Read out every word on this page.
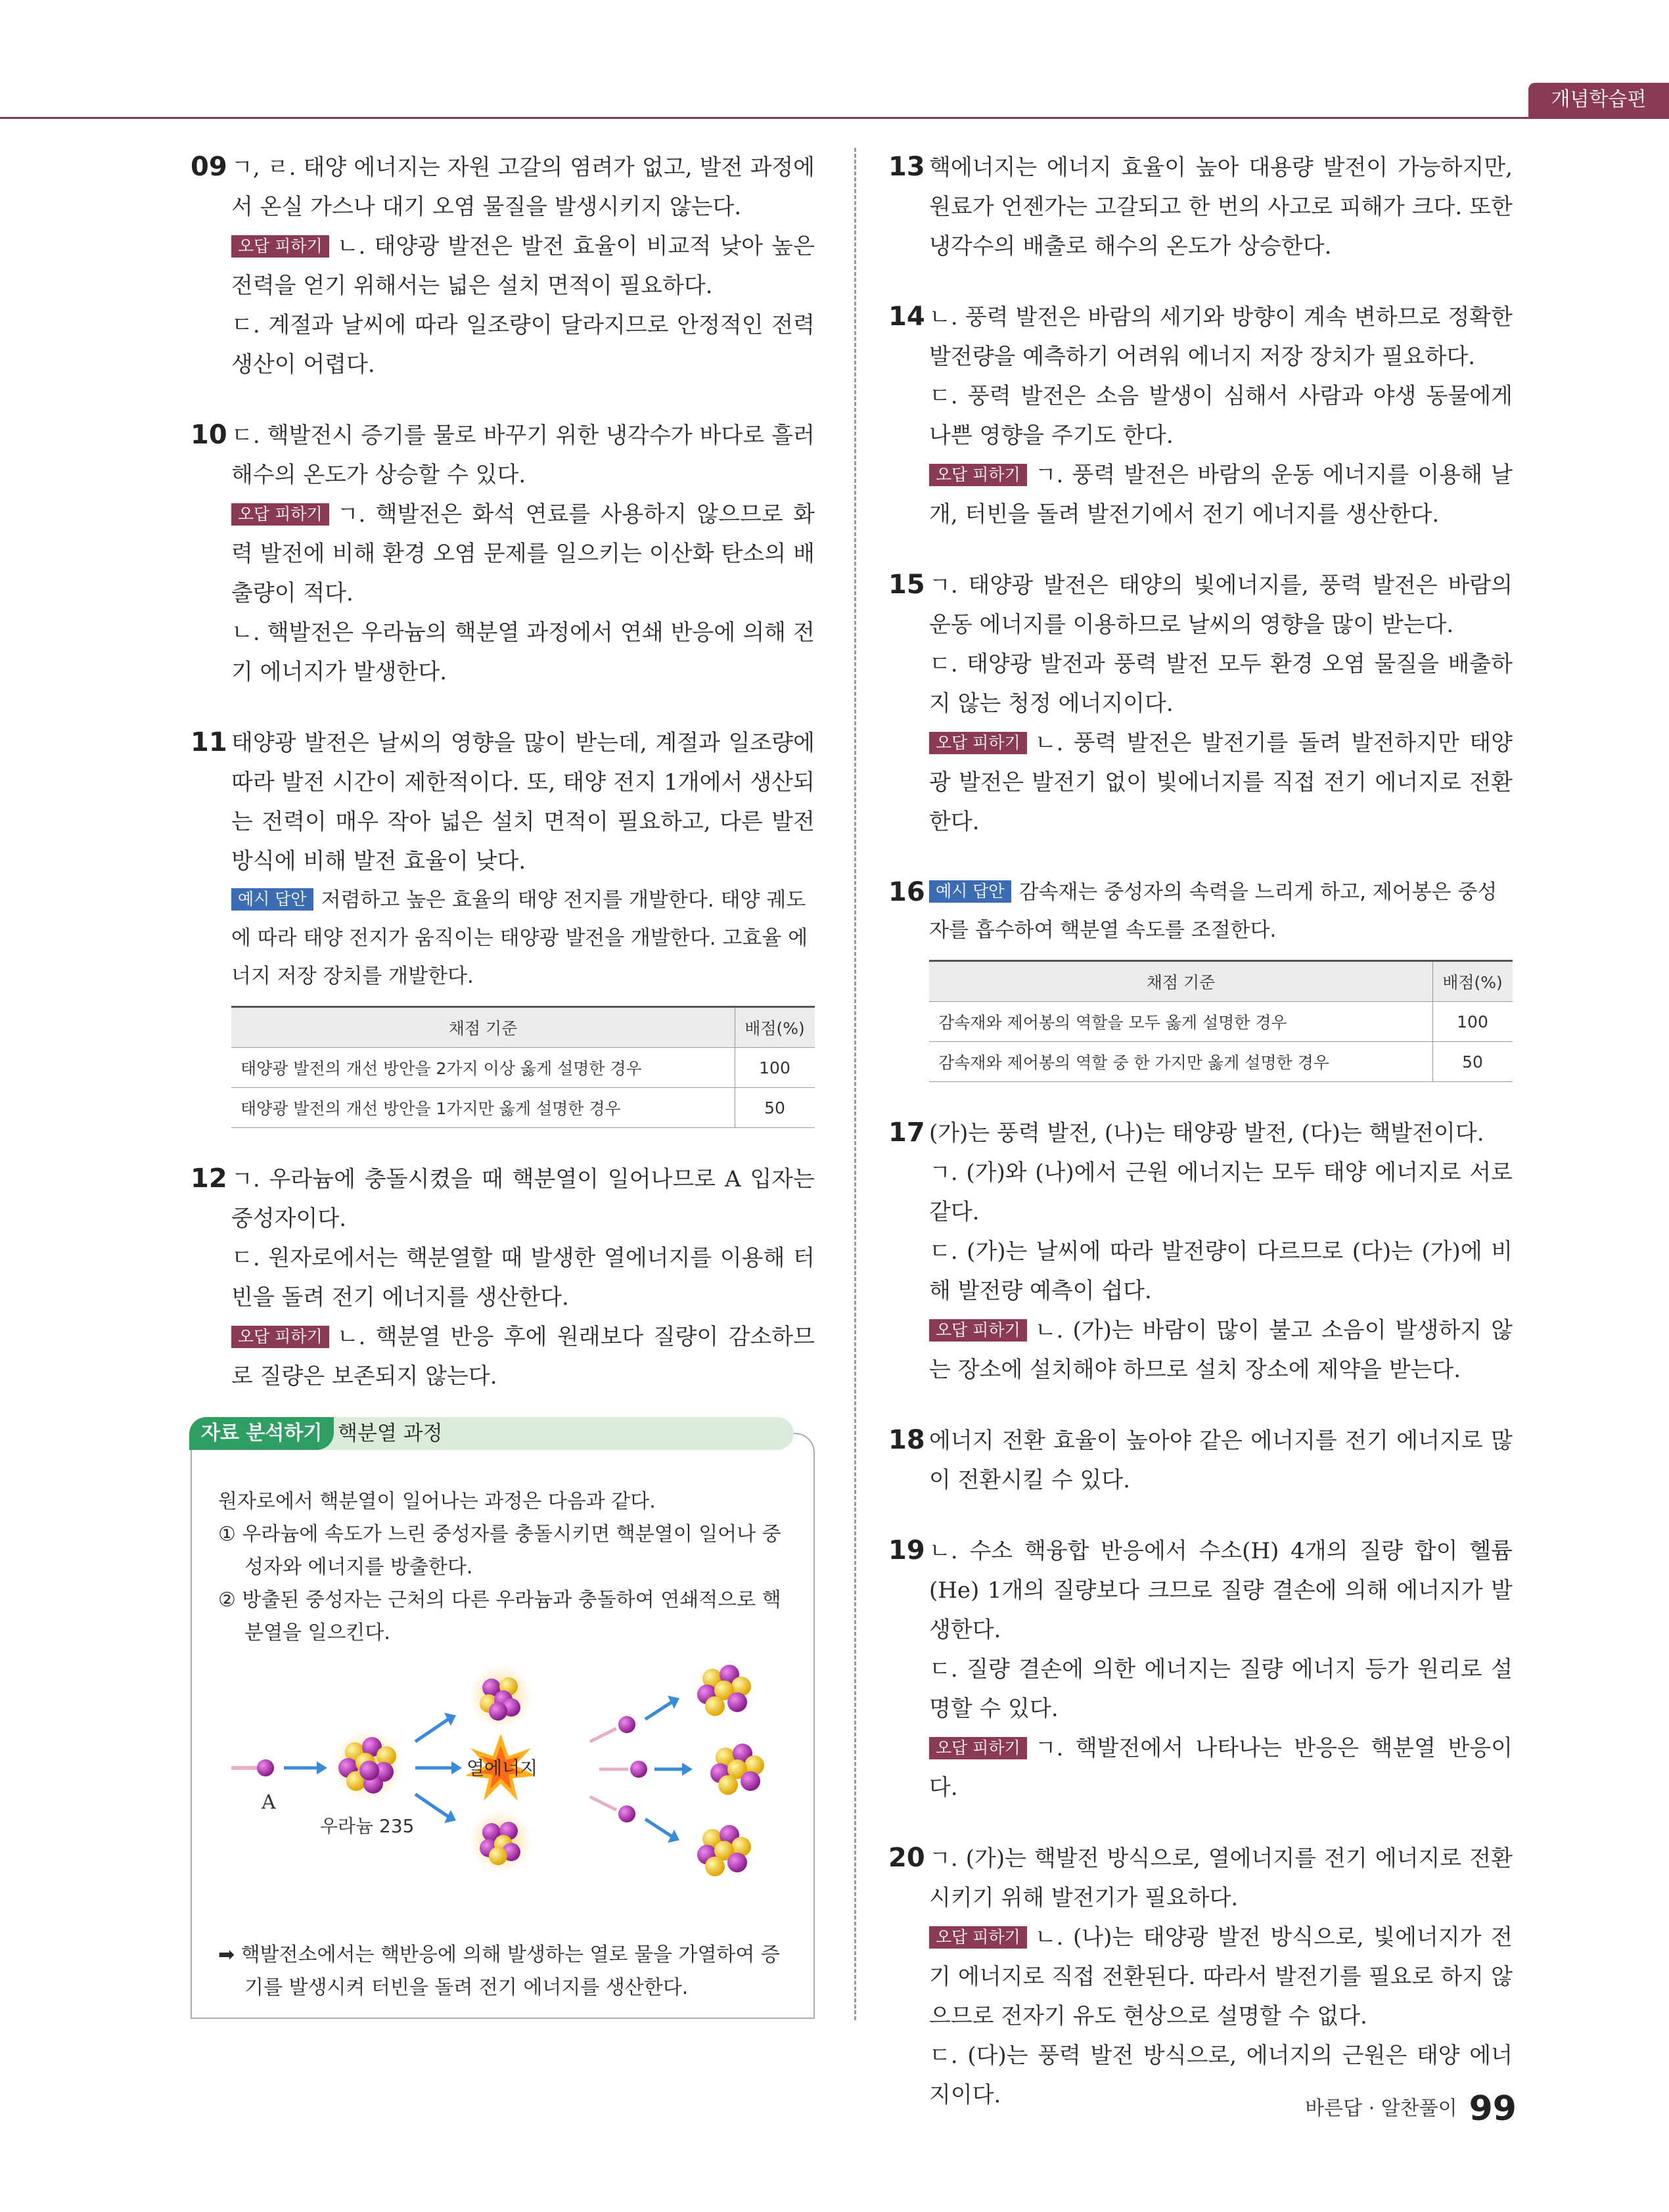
개념학습편
09 ㄱ, ㄹ. 태양 에너지는 자원 고갈의 염려가 없고, 발전 과정에서 온실 가스나 대기 오염 물질을 발생시키지 않는다.

오답 피하기 ㄴ. 태양광 발전은 발전 효율이 비교적 낮아 높은 전력을 얻기 위해서는 넓은 설치 면적이 필요하다.

ㄷ. 계절과 날씨에 따라 일조량이 달라지므로 안정적인 전력 생산이 어렵다.

10 ㄷ. 핵발전시 증기를 물로 바꾸기 위한 냉각수가 바다로 흘러 해수의 온도가 상승할 수 있다.

오답 피하기 ㄱ. 핵발전은 화석 연료를 사용하지 않으므로 화력 발전에 비해 환경 오염 문제를 일으키는 이산화 탄소의 배출량이 적다.

ㄴ. 핵발전은 우라늄의 핵분열 과정에서 연쇄 반응에 의해 전기 에너지가 발생한다.

11 태양광 발전은 날씨의 영향을 많이 받는데, 계절과 일조량에 따라 발전 시간이 제한적이다. 또, 태양 전지 1개에서 생산되는 전력이 매우 작아 넓은 설치 면적이 필요하고, 다른 발전 방식에 비해 발전 효율이 낮다.

예시 답안 저렴하고 높은 효율의 태양 전지를 개발한다. 태양 궤도에 따라 태양 전지가 움직이는 태양광 발전을 개발한다. 고효율 에너지 저장 장치를 개발한다.

채점 기준	배점(%)
태양광 발전의 개선 방안을 2가지 이상 옳게 설명한 경우	100
태양광 발전의 개선 방안을 1가지만 옳게 설명한 경우	50
12 ㄱ. 우라늄에 충돌시켰을 때 핵분열이 일어나므로 A 입자는 중성자이다.

ㄷ. 원자로에서는 핵분열할 때 발생한 열에너지를 이용해 터빈을 돌려 전기 에너지를 생산한다.

오답 피하기 ㄴ. 핵분열 반응 후에 원래보다 질량이 감소하므로 질량은 보존되지 않는다.

자료 분석하기 핵분열 과정

원자로에서 핵분열이 일어나는 과정은 다음과 같다.

① 우라늄에 속도가 느린 중성자를 충돌시키면 핵분열이 일어나 중성자와 에너지를 방출한다.

② 방출된 중성자는 근처의 다른 우라늄과 충돌하여 연쇄적으로 핵분열을 일으킨다.

A
우라늄 235
열에너지

➡ 핵발전소에서는 핵반응에 의해 발생하는 열로 물을 가열하여 증기를 발생시켜 터빈을 돌려 전기 에너지를 생산한다.

13 핵에너지는 에너지 효율이 높아 대용량 발전이 가능하지만, 원료가 언젠가는 고갈되고 한 번의 사고로 피해가 크다. 또한 냉각수의 배출로 해수의 온도가 상승한다.

14 ㄴ. 풍력 발전은 바람의 세기와 방향이 계속 변하므로 정확한 발전량을 예측하기 어려워 에너지 저장 장치가 필요하다.

ㄷ. 풍력 발전은 소음 발생이 심해서 사람과 야생 동물에게 나쁜 영향을 주기도 한다.

오답 피하기 ㄱ. 풍력 발전은 바람의 운동 에너지를 이용해 날개, 터빈을 돌려 발전기에서 전기 에너지를 생산한다.

15 ㄱ. 태양광 발전은 태양의 빛에너지를, 풍력 발전은 바람의 운동 에너지를 이용하므로 날씨의 영향을 많이 받는다.

ㄷ. 태양광 발전과 풍력 발전 모두 환경 오염 물질을 배출하지 않는 청정 에너지이다.

오답 피하기 ㄴ. 풍력 발전은 발전기를 돌려 발전하지만 태양광 발전은 발전기 없이 빛에너지를 직접 전기 에너지로 전환한다.

16 예시 답안 감속재는 중성자의 속력을 느리게 하고, 제어봉은 중성자를 흡수하여 핵분열 속도를 조절한다.

채점 기준	배점(%)
감속재와 제어봉의 역할을 모두 옳게 설명한 경우	100
감속재와 제어봉의 역할 중 한 가지만 옳게 설명한 경우	50
17 (가)는 풍력 발전, (나)는 태양광 발전, (다)는 핵발전이다.

ㄱ. (가)와 (나)에서 근원 에너지는 모두 태양 에너지로 서로 같다.

ㄷ. (가)는 날씨에 따라 발전량이 다르므로 (다)는 (가)에 비해 발전량 예측이 쉽다.

오답 피하기 ㄴ. (가)는 바람이 많이 불고 소음이 발생하지 않는 장소에 설치해야 하므로 설치 장소에 제약을 받는다.

18 에너지 전환 효율이 높아야 같은 에너지를 전기 에너지로 많이 전환시킬 수 있다.

19 ㄴ. 수소 핵융합 반응에서 수소(H) 4개의 질량 합이 헬륨(He) 1개의 질량보다 크므로 질량 결손에 의해 에너지가 발생한다.

ㄷ. 질량 결손에 의한 에너지는 질량 에너지 등가 원리로 설명할 수 있다.

오답 피하기 ㄱ. 핵발전에서 나타나는 반응은 핵분열 반응이다.

20 ㄱ. (가)는 핵발전 방식으로, 열에너지를 전기 에너지로 전환시키기 위해 발전기가 필요하다.

오답 피하기 ㄴ. (나)는 태양광 발전 방식으로, 빛에너지가 전기 에너지로 직접 전환된다. 따라서 발전기를 필요로 하지 않으므로 전자기 유도 현상으로 설명할 수 없다.

ㄷ. (다)는 풍력 발전 방식으로, 에너지의 근원은 태양 에너지이다.

바른답 · 알찬풀이 99
